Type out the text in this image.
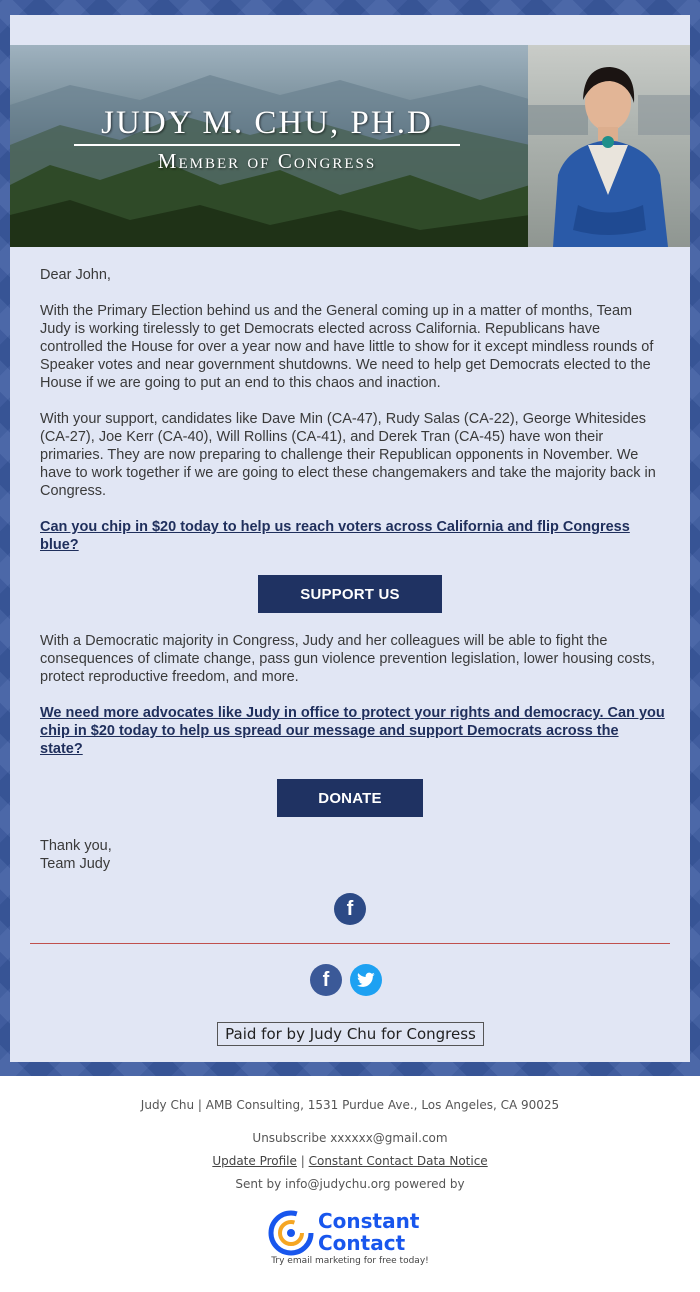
JUDY M. CHU, PH.D
Member of Congress

Dear John,

With the Primary Election behind us and the General coming up in a matter of months, Team Judy is working tirelessly to get Democrats elected across California. Republicans have controlled the House for over a year now and have little to show for it except mindless rounds of Speaker votes and near government shutdowns. We need to help get Democrats elected to the House if we are going to put an end to this chaos and inaction.

With your support, candidates like Dave Min (CA-47), Rudy Salas (CA-22), George Whitesides (CA-27), Joe Kerr (CA-40), Will Rollins (CA-41), and Derek Tran (CA-45) have won their primaries. They are now preparing to challenge their Republican opponents in November. We have to work together if we are going to elect these changemakers and take the majority back in Congress.

Can you chip in $20 today to help us reach voters across California and flip Congress blue?

SUPPORT US

With a Democratic majority in Congress, Judy and her colleagues will be able to fight the consequences of climate change, pass gun violence prevention legislation, lower housing costs, protect reproductive freedom, and more.

We need more advocates like Judy in office to protect your rights and democracy. Can you chip in $20 today to help us spread our message and support Democrats across the state?

DONATE
Thank you,
Team Judy
f
f
Paid for by Judy Chu for Congress
Judy Chu | AMB Consulting, 1531 Purdue Ave., Los Angeles, CA 90025
Unsubscribe xxxxxx@gmail.com
Update Profile | Constant Contact Data Notice
Sent by info@judychu.org powered by
Constant
Contact
Try email marketing for free today!
